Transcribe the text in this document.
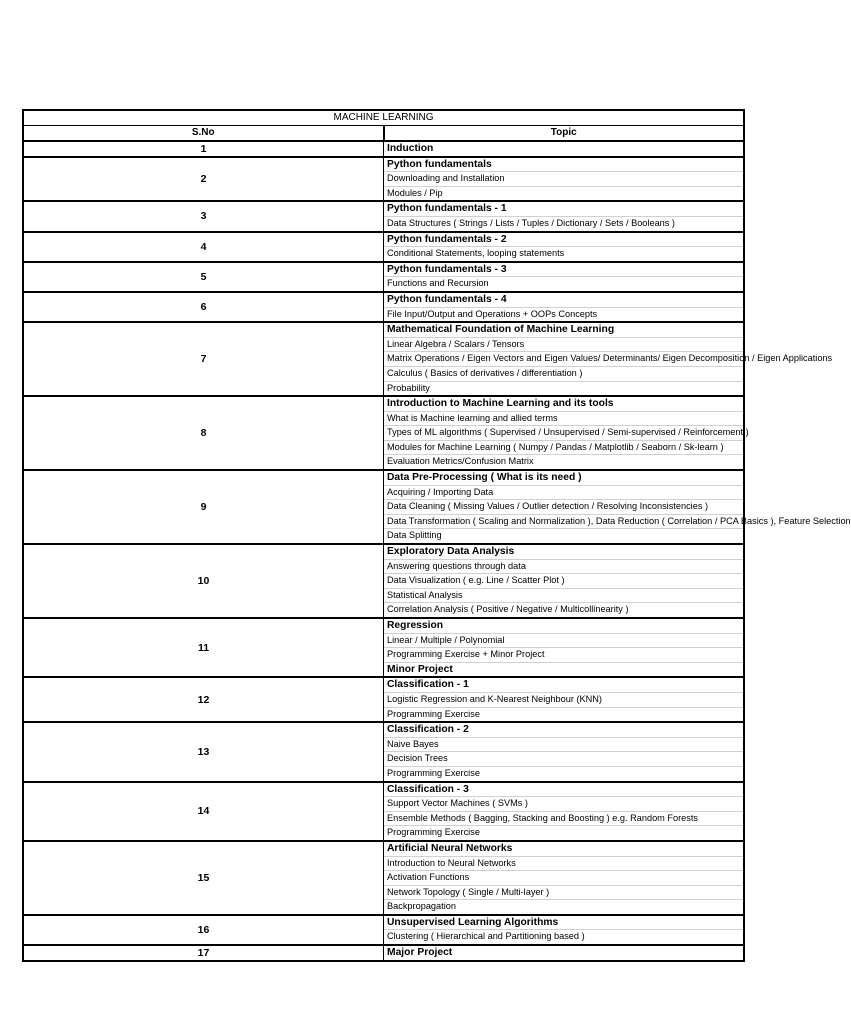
MACHINE LEARNING	
S.No	Topic
1	Induction

2	Python fundamentals
Downloading and Installation
Modules / Pip

3	Python fundamentals - 1
Data Structures ( Strings / Lists / Tuples / Dictionary / Sets / Booleans )

4	Python fundamentals - 2
Conditional Statements, looping statements

5	Python fundamentals - 3
Functions and Recursion

6	Python fundamentals - 4
File Input/Output and Operations + OOPs Concepts

7	Mathematical Foundation of Machine Learning
Linear Algebra / Scalars / Tensors
Matrix Operations / Eigen Vectors and Eigen Values/ Determinants/ Eigen Decomposition / Eigen Applications
Calculus ( Basics of derivatives / differentiation )
Probability

8	Introduction to Machine Learning and its tools
What is Machine learning and allied terms
Types of ML algorithms ( Supervised / Unsupervised / Semi-supervised / Reinforcement )
Modules for Machine Learning ( Numpy / Pandas / Matplotlib / Seaborn / Sk-learn )
Evaluation Metrics/Confusion Matrix

9	Data Pre-Processing ( What is its need )
Acquiring / Importing Data
Data Cleaning ( Missing Values / Outlier detection / Resolving Inconsistencies )
Data Transformation ( Scaling and Normalization ), Data Reduction ( Correlation / PCA Basics ), Feature Selection
Data Splitting

10	Exploratory Data Analysis
Answering questions through data
Data Visualization ( e.g. Line / Scatter Plot )
Statistical Analysis
Correlation Analysis ( Positive / Negative / Multicollinearity )

11	Regression
Linear / Multiple / Polynomial
Programming Exercise + Minor Project
Minor Project

12	Classification - 1
Logistic Regression and K-Nearest Neighbour (KNN)
Programming Exercise

13	Classification - 2
Naive Bayes
Decision Trees
Programming Exercise

14	Classification - 3
Support Vector Machines ( SVMs )
Ensemble Methods ( Bagging, Stacking and Boosting ) e.g. Random Forests
Programming Exercise

15	Artificial Neural Networks
Introduction to Neural Networks
Activation Functions
Network Topology ( Single / Multi-layer )
Backpropagation

16	Unsupervised Learning Algorithms
Clustering ( Hierarchical and Partitioning based )

17	Major Project
